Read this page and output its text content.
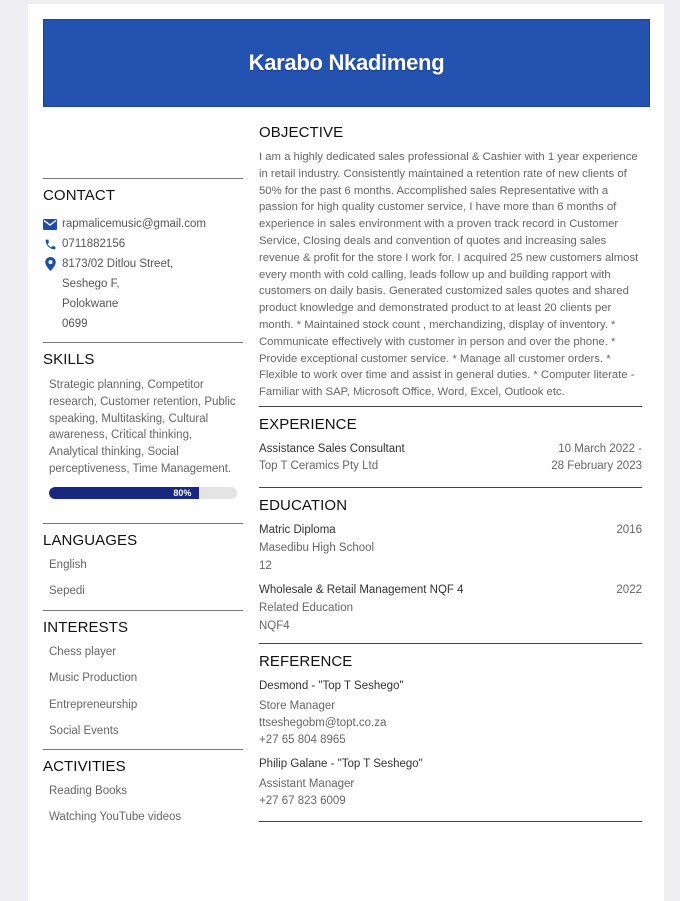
Karabo Nkadimeng
CONTACT
rapmalicemusic@gmail.com
0711882156
8173/02 Ditlou Street,
Seshego F,
Polokwane
0699
SKILLS
Strategic planning, Competitor research, Customer retention, Public speaking, Multitasking, Cultural awareness, Critical thinking, Analytical thinking, Social perceptiveness, Time Management.
80%
LANGUAGES
English
Sepedi
INTERESTS
Chess player
Music Production
Entrepreneurship
Social Events
ACTIVITIES
Reading Books
Watching YouTube videos
OBJECTIVE
I am a highly dedicated sales professional & Cashier with 1 year experience in retail industry. Consistently maintained a retention rate of new clients of 50% for the past 6 months. Accomplished sales Representative with a passion for high quality customer service, I have more than 6 months of experience in sales environment with a proven track record in Customer Service, Closing deals and convention of quotes and increasing sales revenue & profit for the store I work for. I acquired 25 new customers almost every month with cold calling, leads follow up and building rapport with customers on daily basis. Generated customized sales quotes and shared product knowledge and demonstrated product to at least 20 clients per month. * Maintained stock count , merchandizing, display of inventory. * Communicate effectively with customer in person and over the phone. * Provide exceptional customer service. * Manage all customer orders. * Flexible to work over time and assist in general duties. * Computer literate - Familiar with SAP, Microsoft Office, Word, Excel, Outlook etc.
EXPERIENCE
Assistance Sales Consultant	10 March 2022 -
Top T Ceramics Pty Ltd	28 February 2023
EDUCATION
Matric Diploma	2016
Masedibu High School
12
Wholesale & Retail Management NQF 4	2022
Related Education
NQF4
REFERENCE
Desmond - "Top T Seshego"
Store Manager
ttseshegobm@topt.co.za
+27 65 804 8965
Philip Galane - "Top T Seshego"
Assistant Manager
+27 67 823 6009
